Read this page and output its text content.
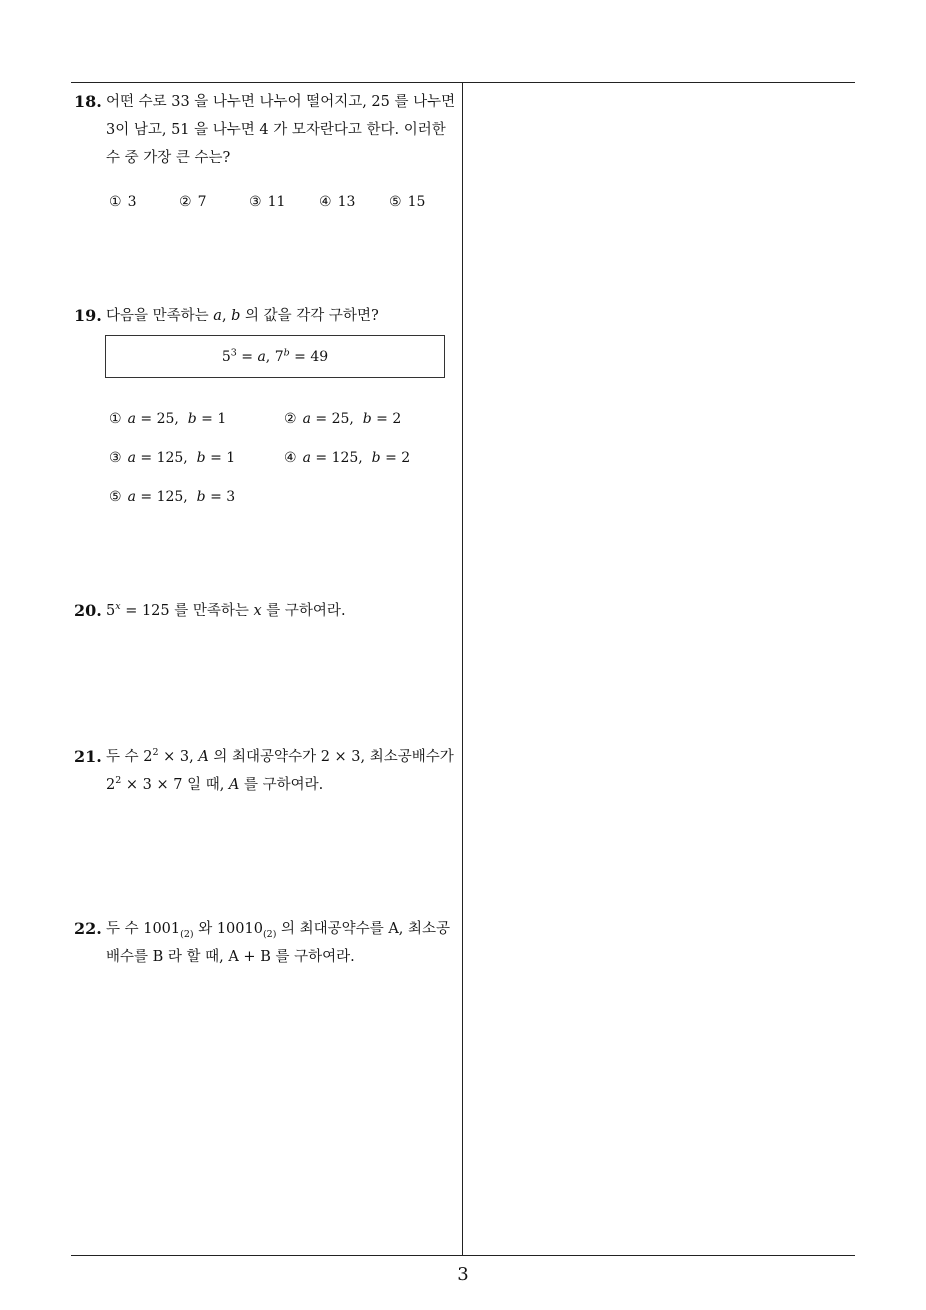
18. 어떤 수로 33 을 나누면 나누어 떨어지고, 25 를 나누면
3이 남고, 51 을 나누면 4 가 모자란다고 한다. 이러한
수 중 가장 큰 수는?
① 3	② 7	③ 11 ④ 13 ⑤ 15
19. 다음을 만족하는 a, b 의 값을 각각 구하면?
$5^3 = a$, $7^b = 49$
① a = 25,  b = 1	② a = 25,  b = 2
③ a = 125,  b = 1	④ a = 125,  b = 2
⑤ a = 125,  b = 3
20. $5^x = 125$ 를 만족하는 x 를 구하여라.
21. 두 수 $2^2 \times 3$, A 의 최대공약수가 2 × 3, 최소공배수가
$2^2 \times 3 \times 7$ 일 때, A 를 구하여라.
22. 두 수 $1001_{(2)}$ 와 $10010_{(2)}$ 의 최대공약수를 A, 최소공
배수를 B 라 할 때, A + B 를 구하여라.
3
